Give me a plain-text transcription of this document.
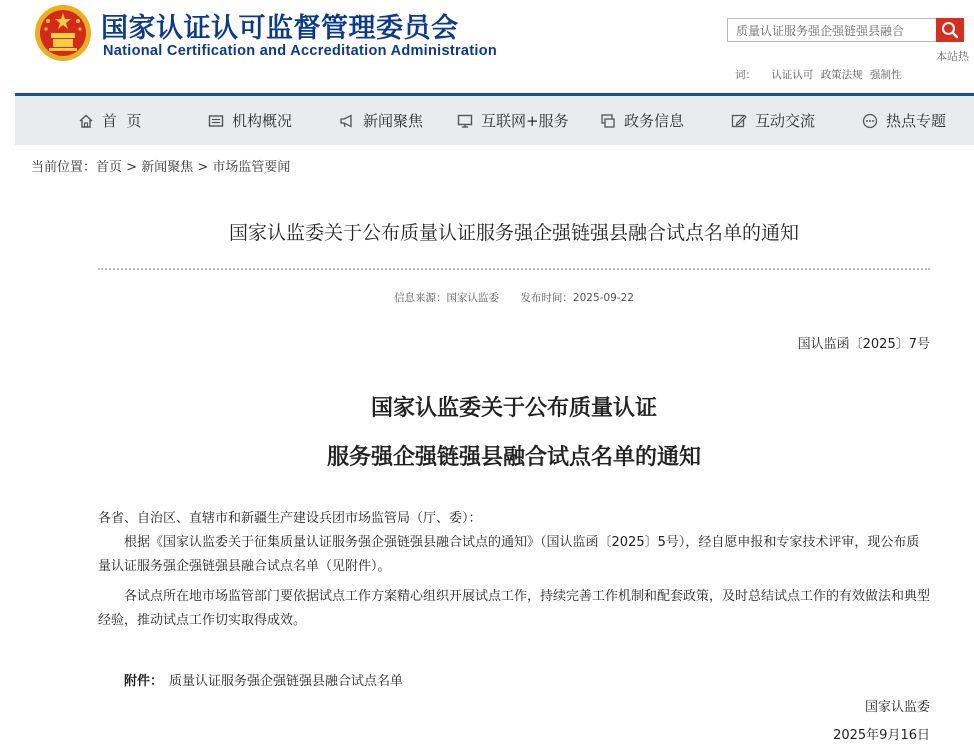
国家认证认可监督管理委员会
National Certification and Accreditation Administration
质量认证服务强企强链强县融合
本站热
词： 认证认可 政策法规 强制性
首  页	机构概况	新闻聚焦	互联网+服务	政务信息	互动交流	热点专题
当前位置：首页 > 新闻聚焦 > 市场监管要闻
国家认监委关于公布质量认证服务强企强链强县融合试点名单的通知
信息来源：国家认监委 发布时间：2025-09-22
国认监函〔2025〕7号
国家认监委关于公布质量认证
服务强企强链强县融合试点名单的通知
各省、自治区、直辖市和新疆生产建设兵团市场监管局（厅、委）：
根据《国家认监委关于征集质量认证服务强企强链强县融合试点的通知》（国认监函〔2025〕5号），经自愿申报和专家技术评审，现公布质量认证服务强企强链强县融合试点名单（见附件）。
各试点所在地市场监管部门要依据试点工作方案精心组织开展试点工作，持续完善工作机制和配套政策，及时总结试点工作的有效做法和典型经验，推动试点工作切实取得成效。
附件： 质量认证服务强企强链强县融合试点名单
国家认监委
2025年9月16日
